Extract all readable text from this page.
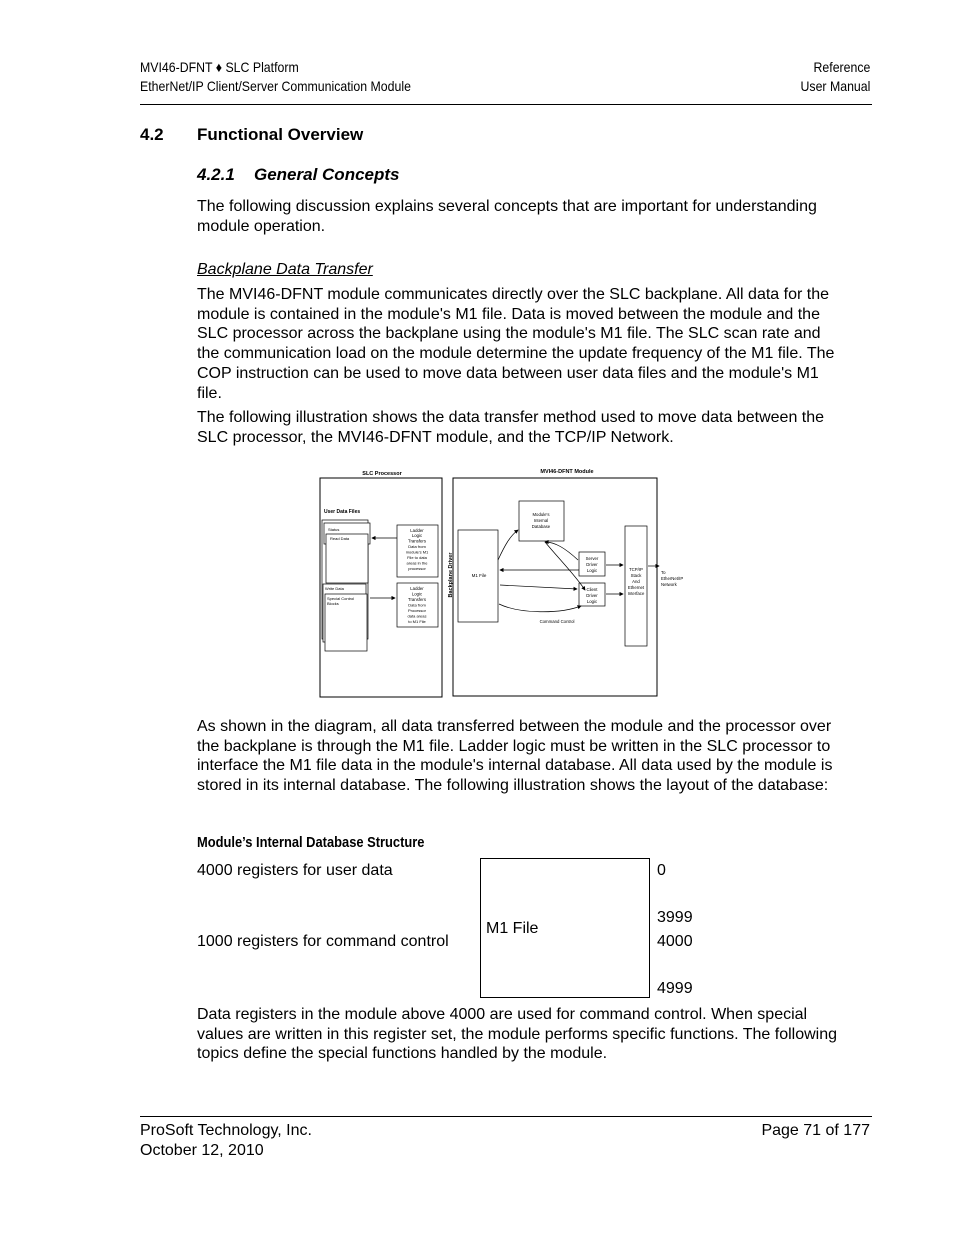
MVI46-DFNT ♦ SLC Platform
EtherNet/IP Client/Server Communication Module
Reference
User Manual
4.2 Functional Overview
4.2.1 General Concepts

The following discussion explains several concepts that are important for understanding module operation.

Backplane Data Transfer

The MVI46-DFNT module communicates directly over the SLC backplane. All data for the module is contained in the module's M1 file. Data is moved between the module and the SLC processor across the backplane using the module's M1 file. The SLC scan rate and the communication load on the module determine the update frequency of the M1 file. The COP instruction can be used to move data between user data files and the module's M1 file.

The following illustration shows the data transfer method used to move data between the SLC processor, the MVI46-DFNT module, and the TCP/IP Network.

SLC Processor	MVI46-DFNT Module
User Data Files
Status
Read Data
Write Data
Special Control
Blocks
Ladder
Logic
Transfers
Data from
module's M1
File to data
areas in the
processor
Ladder
Logic
Transfers
Data from
Processor
data areas
to M1 File
Backplane Driver	M1 File
Module's
Internal
Database
Server
Driver
Logic
Client
Driver
Logic
TCP/IP
Stack
And
Ethernet
Interface
To
EtherNet/IP
Network
Command Control

As shown in the diagram, all data transferred between the module and the processor over the backplane is through the M1 file. Ladder logic must be written in the SLC processor to interface the M1 file data in the module's internal database. All data used by the module is stored in its internal database. The following illustration shows the layout of the database:

Module’s Internal Database Structure
4000 registers for user data
1000 registers for command control
M1 File
0
3999
4000
4999

Data registers in the module above 4000 are used for command control. When special values are written in this register set, the module performs specific functions. The following topics define the special functions handled by the module.

ProSoft Technology, Inc.
October 12, 2010
Page 71 of 177
